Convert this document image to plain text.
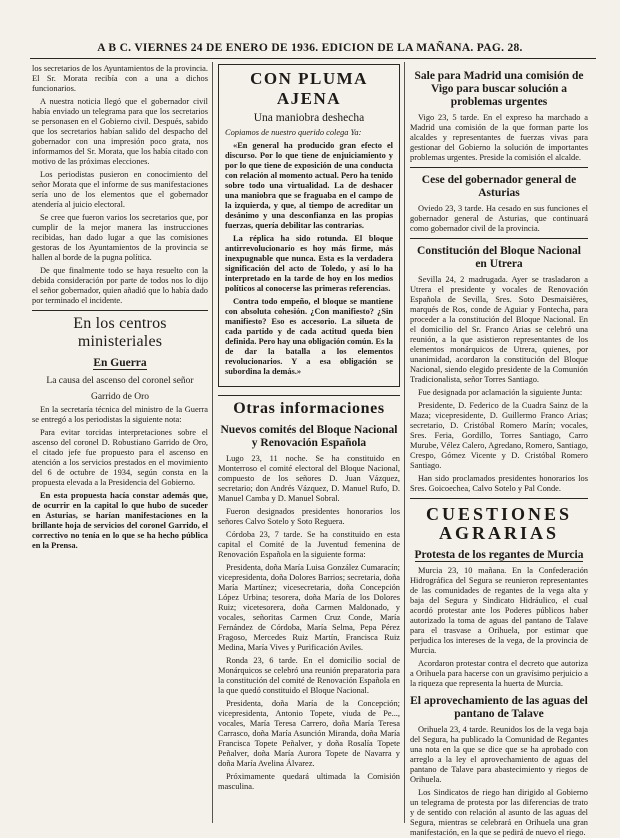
A B C. VIERNES 24 DE ENERO DE 1936. EDICION DE LA MAÑANA. PAG. 28.

los secretarios de los Ayuntamientos de la provincia. El Sr. Morata recibía con a una a dichos funcionarios.

A nuestra noticia llegó que el gobernador civil había enviado un telegrama para que los secretarios se personasen en el Gobierno civil. Después, sabido que los secretarios habían salido del despacho del gobernador con una impresión poco grata, nos informamos del Sr. Morata, que los había citado con motivo de las próximas elecciones.

Los periodistas pusieron en conocimiento del señor Morata que el informe de sus manifestaciones sería uno de los elementos que el gobernador atendería al juicio electoral.

Se cree que fueron varios los secretarios que, por cumplir de la mejor manera las instrucciones recibidas, han dado lugar a que las comisiones gestoras de los Ayuntamientos de la provincia se hallen al borde de la pugna política.

De que finalmente todo se haya resuelto con la debida consideración por parte de todos nos lo dijo el señor gobernador, quien añadió que lo había dado por terminado el incidente.

En los centros ministeriales
En Guerra
La causa del ascenso del coronel señor
Garrido de Oro

En la secretaría técnica del ministro de la Guerra se entregó a los periodistas la siguiente nota:

Para evitar torcidas interpretaciones sobre el ascenso del coronel D. Robustiano Garrido de Oro, el citado jefe fue propuesto para el ascenso en atención a los servicios prestados en el movimiento del 6 de octubre de 1934, según consta en la propuesta elevada a la Presidencia del Gobierno.

En esta propuesta hacía constar además que, de ocurrir en la capital lo que hubo de suceder en Asturias, se harían manifestaciones en la brillante hoja de servicios del coronel Garrido, el correctivo no tenía en lo que se ha hecho pública en la Prensa.

CON PLUMA AJENA
Una maniobra deshecha

Copiamos de nuestro querido colega Ya:

«En general ha producido gran efecto el discurso. Por lo que tiene de enjuiciamiento y por lo que tiene de exposición de una conducta con relación al momento actual. Pero ha tenido sobre todo una virtualidad. La de deshacer una maniobra que se fraguaba en el campo de la izquierda, y que, al tiempo de acreditar un desánimo y una desconfianza en las propias fuerzas, quería debilitar las contrarias.

La réplica ha sido rotunda. El bloque antirrevolucionario es hoy más firme, más inexpugnable que nunca. Esta es la verdadera significación del acto de Toledo, y así lo ha interpretado en la tarde de hoy en los medios políticos al conocerse las primeras referencias.

Contra todo empeño, el bloque se mantiene con absoluta cohesión. ¿Con manifiesto? ¿Sin manifiesto? Eso es accesorio. La silueta de cada partido y de cada actitud queda bien definida. Pero hay una obligación común. Es la de dar la batalla a los elementos revolucionarios. Y a esa obligación se subordina la demás.»

Otras informaciones
Nuevos comités del Bloque Nacional y Renovación Española

Lugo 23, 11 noche. Se ha constituido en Monterroso el comité electoral del Bloque Nacional, compuesto de los señores D. Juan Vázquez, secretario; don Andrés Vázquez, D. Manuel Rufo, D. Manuel Camba y D. Manuel Sobral.

Fueron designados presidentes honorarios los señores Calvo Sotelo y Soto Reguera.

Córdoba 23, 7 tarde. Se ha constituido en esta capital el Comité de la Juventud femenina de Renovación Española en la siguiente forma:

Presidenta, doña María Luisa González Cumaracín; vicepresidenta, doña Dolores Barrios; secretaria, doña María Martínez; vicesecretaria, doña Concepción López Urbina; tesorera, doña María de los Dolores Ruiz; vicetesorera, doña Carmen Maldonado, y vocales, señoritas Carmen Cruz Conde, María Fernández de Córdoba, María Selma, Pepa Pérez Fragoso, Mercedes Ruiz Martín, Francisca Ruiz Medina, María Vives y Purificación Aviles.

Ronda 23, 6 tarde. En el domicilio social de Monárquicos se celebró una reunión preparatoria para la constitución del comité de Renovación Española en la que quedó constituido el Bloque Nacional.

Presidenta, doña María de la Concepción; vicepresidenta, Antonio Topete, viuda de Pe..., vocales, María Teresa Carrero, doña María Teresa Carrasco, doña María Asunción Miranda, doña María Francisca Topete Peñalver, y doña Rosalía Topete Peñalver, doña María Aurora Topete de Navarra y doña María Avelina Álvarez.

Próximamente quedará ultimada la Comisión masculina.

Sale para Madrid una comisión de Vigo para buscar solución a problemas urgentes

Vigo 23, 5 tarde. En el expreso ha marchado a Madrid una comisión de la que forman parte los alcaldes y representantes de fuerzas vivas para gestionar del Gobierno la solución de importantes problemas urgentes. Preside la comisión el alcalde.

Cese del gobernador general de Asturias

Oviedo 23, 3 tarde. Ha cesado en sus funciones el gobernador general de Asturias, que continuará como gobernador civil de la provincia.

Constitución del Bloque Nacional en Utrera

Sevilla 24, 2 madrugada. Ayer se trasladaron a Utrera el presidente y vocales de Renovación Española de Sevilla, Sres. Soto Desmaisières, marqués de Ros, conde de Aguiar y Fontecha, para proceder a la constitución del Bloque Nacional. En el domicilio del Sr. Franco Arias se celebró una reunión, a la que asistieron representantes de los elementos monárquicos de Utrera, quienes, por unanimidad, acordaron la constitución del Bloque Nacional, siendo elegido presidente de la Comunión Tradicionalista, señor Torres Santiago.

Fue designada por aclamación la siguiente Junta:

Presidente, D. Federico de la Cuadra Sainz de la Maza; vicepresidente, D. Guillermo Franco Arias; secretario, D. Cristóbal Romero Marín; vocales, Sres. Feria, Gordillo, Torres Santiago, Carro Murube, Vélez Calero, Agredano, Romero, Santiago, Crespo, Gómez Vicente y D. Cristóbal Romero Santiago.

Han sido proclamados presidentes honorarios los Sres. Goicoechea, Calvo Sotelo y Pal Conde.

CUESTIONES AGRARIAS
Protesta de los regantes de Murcia

Murcia 23, 10 mañana. En la Confederación Hidrográfica del Segura se reunieron representantes de las comunidades de regantes de la vega alta y baja del Segura y Sindicato Hidráulico, el cual acordó protestar ante los Poderes públicos haber autorizado la toma de aguas del pantano de Talave para el trasvase a Orihuela, por estimar que perjudica los intereses de la vega, de la provincia de Murcia.

Acordaron protestar contra el decreto que autoriza a Orihuela para hacerse con un gravísimo perjuicio a la riqueza que representa la huerta de Murcia.

El aprovechamiento de las aguas del pantano de Talave

Orihuela 23, 4 tarde. Reunidos los de la vega baja del Segura, ha publicado la Comunidad de Regantes una nota en la que se dice que se ha aprobado con arreglo a la ley el aprovechamiento de aguas del pantano de Talave para abastecimiento y riegos de Orihuela.

Los Sindicatos de riego han dirigido al Gobierno un telegrama de protesta por las diferencias de trato y de sentido con relación al asunto de las aguas del Segura, mientras se celebrará en Orihuela una gran manifestación, en la que se pedirá de nuevo el riego.
